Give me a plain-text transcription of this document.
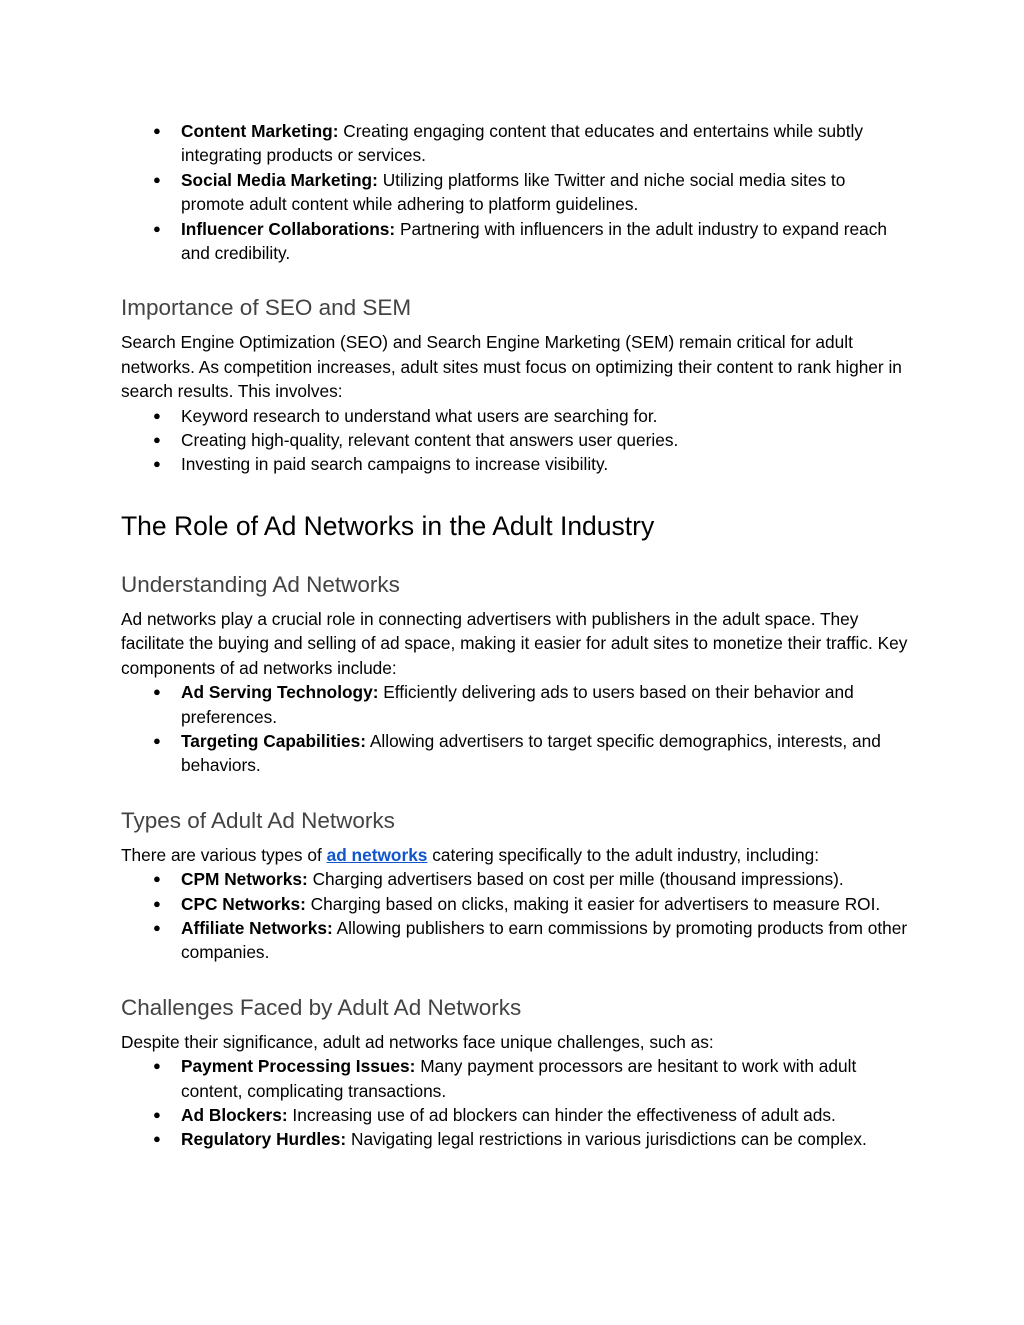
● Content Marketing: Creating engaging content that educates and entertains while subtly integrating products or services.
● Social Media Marketing: Utilizing platforms like Twitter and niche social media sites to promote adult content while adhering to platform guidelines.
● Influencer Collaborations: Partnering with influencers in the adult industry to expand reach and credibility.
Importance of SEO and SEM

Search Engine Optimization (SEO) and Search Engine Marketing (SEM) remain critical for adult networks. As competition increases, adult sites must focus on optimizing their content to rank higher in search results. This involves:

● Keyword research to understand what users are searching for.
● Creating high-quality, relevant content that answers user queries.
● Investing in paid search campaigns to increase visibility.
The Role of Ad Networks in the Adult Industry
Understanding Ad Networks

Ad networks play a crucial role in connecting advertisers with publishers in the adult space. They facilitate the buying and selling of ad space, making it easier for adult sites to monetize their traffic. Key components of ad networks include:

● Ad Serving Technology: Efficiently delivering ads to users based on their behavior and preferences.
● Targeting Capabilities: Allowing advertisers to target specific demographics, interests, and behaviors.
Types of Adult Ad Networks

There are various types of ad networks catering specifically to the adult industry, including:

● CPM Networks: Charging advertisers based on cost per mille (thousand impressions).
● CPC Networks: Charging based on clicks, making it easier for advertisers to measure ROI.
● Affiliate Networks: Allowing publishers to earn commissions by promoting products from other companies.
Challenges Faced by Adult Ad Networks

Despite their significance, adult ad networks face unique challenges, such as:

● Payment Processing Issues: Many payment processors are hesitant to work with adult content, complicating transactions.
● Ad Blockers: Increasing use of ad blockers can hinder the effectiveness of adult ads.
● Regulatory Hurdles: Navigating legal restrictions in various jurisdictions can be complex.
